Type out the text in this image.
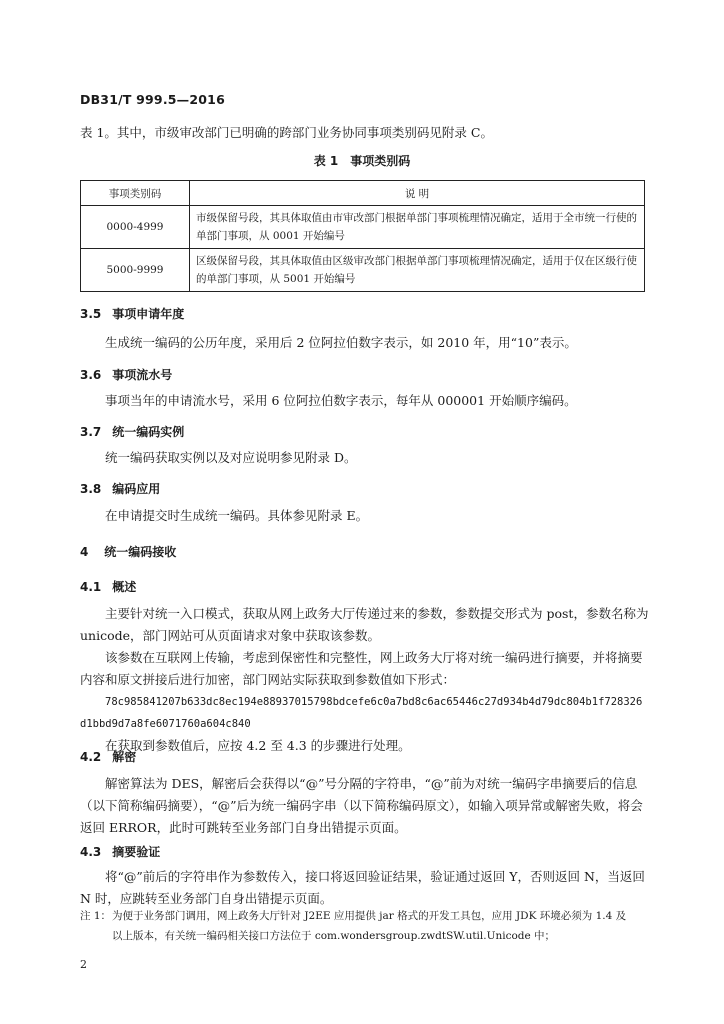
DB31/T 999.5—2016
表 1。其中，市级审改部门已明确的跨部门业务协同事项类别码见附录 C。
表 1　事项类别码
事项类别码	说 明
0000-4999	市级保留号段，其具体取值由市审改部门根据单部门事项梳理情况确定，适用于全市统一行使的单部门事项，从 0001 开始编号
5000-9999	区级保留号段，其具体取值由区级审改部门根据单部门事项梳理情况确定，适用于仅在区级行使的单部门事项，从 5001 开始编号
3.5 事项申请年度

生成统一编码的公历年度，采用后 2 位阿拉伯数字表示，如 2010 年，用“10”表示。

3.6 事项流水号

事项当年的申请流水号，采用 6 位阿拉伯数字表示，每年从 000001 开始顺序编码。

3.7 统一编码实例

统一编码获取实例以及对应说明参见附录 D。

3.8 编码应用

在申请提交时生成统一编码。具体参见附录 E。

4 统一编码接收
4.1 概述

主要针对统一入口模式，获取从网上政务大厅传递过来的参数，参数提交形式为 post，参数名称为 unicode，部门网站可从页面请求对象中获取该参数。

该参数在互联网上传输，考虑到保密性和完整性，网上政务大厅将对统一编码进行摘要，并将摘要内容和原文拼接后进行加密，部门网站实际获取到参数值如下形式：

78c985841207b633dc8ec194e88937015798bdcefe6c0a7bd8c6ac65446c27d934b4d79dc804b1f728326

d1bbd9d7a8fe6071760a604c840

在获取到参数值后，应按 4.2 至 4.3 的步骤进行处理。

4.2 解密

解密算法为 DES，解密后会获得以“@”号分隔的字符串，“@”前为对统一编码字串摘要后的信息（以下简称编码摘要），“@”后为统一编码字串（以下简称编码原文），如输入项异常或解密失败，将会返回 ERROR，此时可跳转至业务部门自身出错提示页面。

4.3 摘要验证

将“@”前后的字符串作为参数传入，接口将返回验证结果，验证通过返回 Y，否则返回 N，当返回 N 时，应跳转至业务部门自身出错提示页面。

注 1：为便于业务部门调用，网上政务大厅针对 J2EE 应用提供 jar 格式的开发工具包，应用 JDK 环境必须为 1.4 及
以上版本，有关统一编码相关接口方法位于 com.wondersgroup.zwdtSW.util.Unicode 中；
2
